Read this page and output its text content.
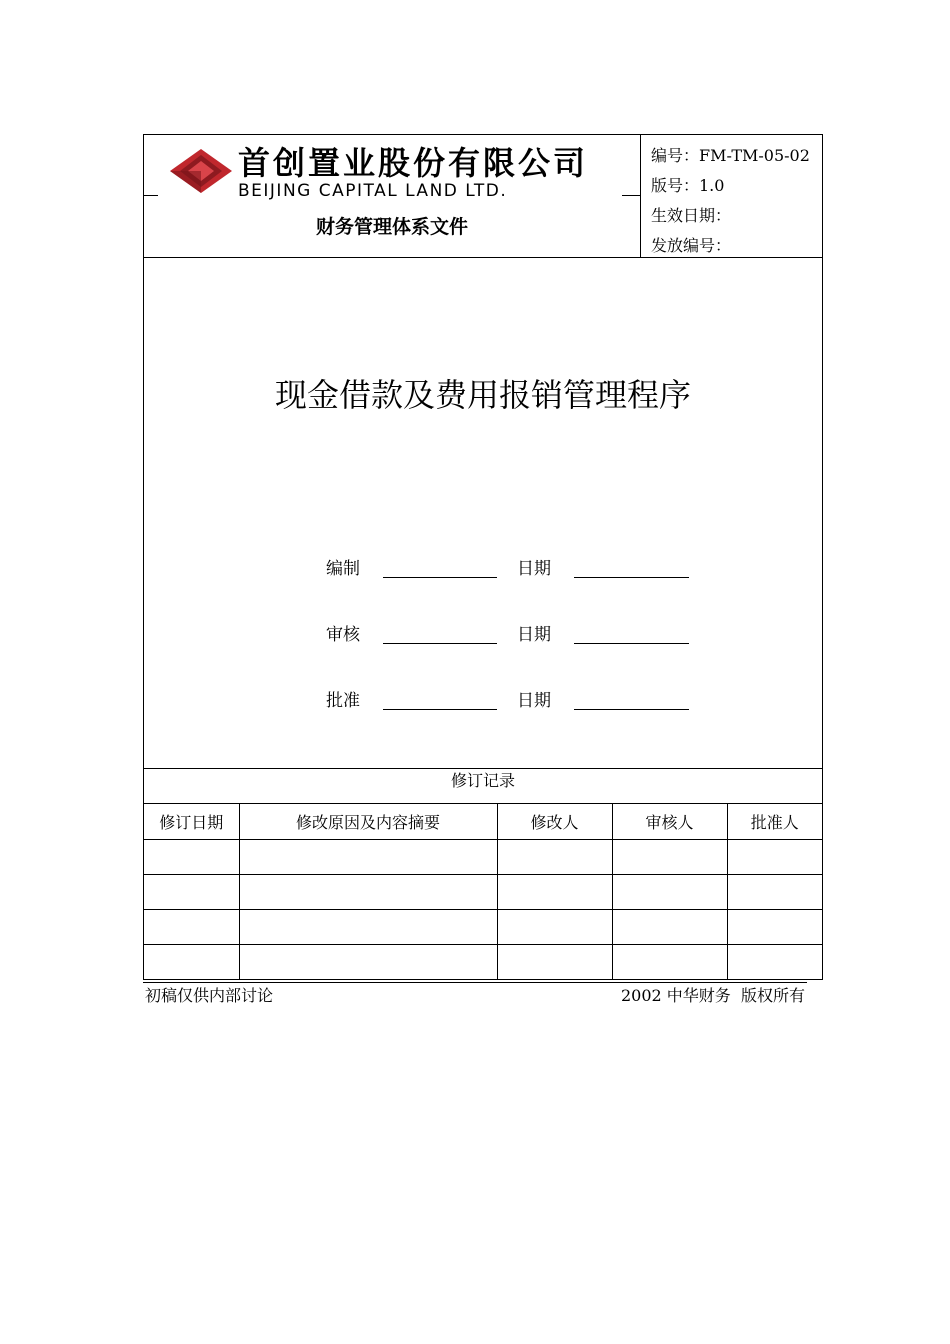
首创置业股份有限公司
BEIJING CAPITAL LAND LTD.
财务管理体系文件
编号：FM-TM-05-02
版号：1.0
生效日期：
发放编号：
现金借款及费用报销管理程序
编制	日期
审核	日期
批准	日期
修订记录
修订日期	修改原因及内容摘要	修改人	审核人	批准人

初稿仅供内部讨论	2002 中华财务  版权所有
